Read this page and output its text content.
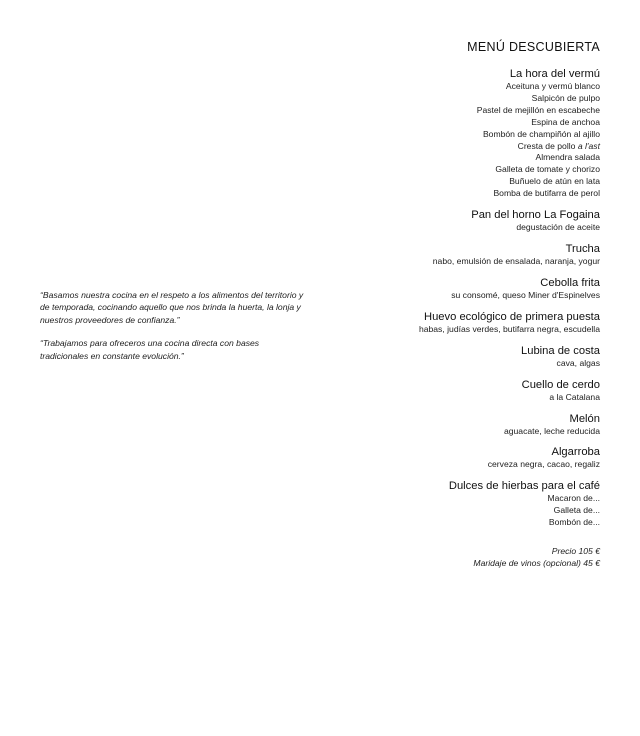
“Basamos nuestra cocina en el respeto a los alimentos del territorio y de temporada, cocinando aquello que nos brinda la huerta, la lonja y nuestros proveedores de confianza.”

“Trabajamos para ofreceros una cocina directa con bases tradicionales en constante evolución.”

MENÚ DESCUBIERTA
La hora del vermú
Aceituna y vermú blanco
Salpicón de pulpo
Pastel de mejillón en escabeche
Espina de anchoa
Bombón de champiñón al ajillo
Cresta de pollo a l'ast
Almendra salada
Galleta de tomate y chorizo
Buñuelo de atún en lata
Bomba de butifarra de perol
Pan del horno La Fogaina
degustación de aceite
Trucha
nabo, emulsión de ensalada, naranja, yogur
Cebolla frita
su consomé, queso Miner d'Espinelves
Huevo ecológico de primera puesta
habas, judías verdes, butifarra negra, escudella
Lubina de costa
cava, algas
Cuello de cerdo
a la Catalana
Melón
aguacate, leche reducida
Algarroba
cerveza negra, cacao, regaliz
Dulces de hierbas para el café
Macaron de...
Galleta de...
Bombón de...
Precio 105 €
Maridaje de vinos (opcional) 45 €
